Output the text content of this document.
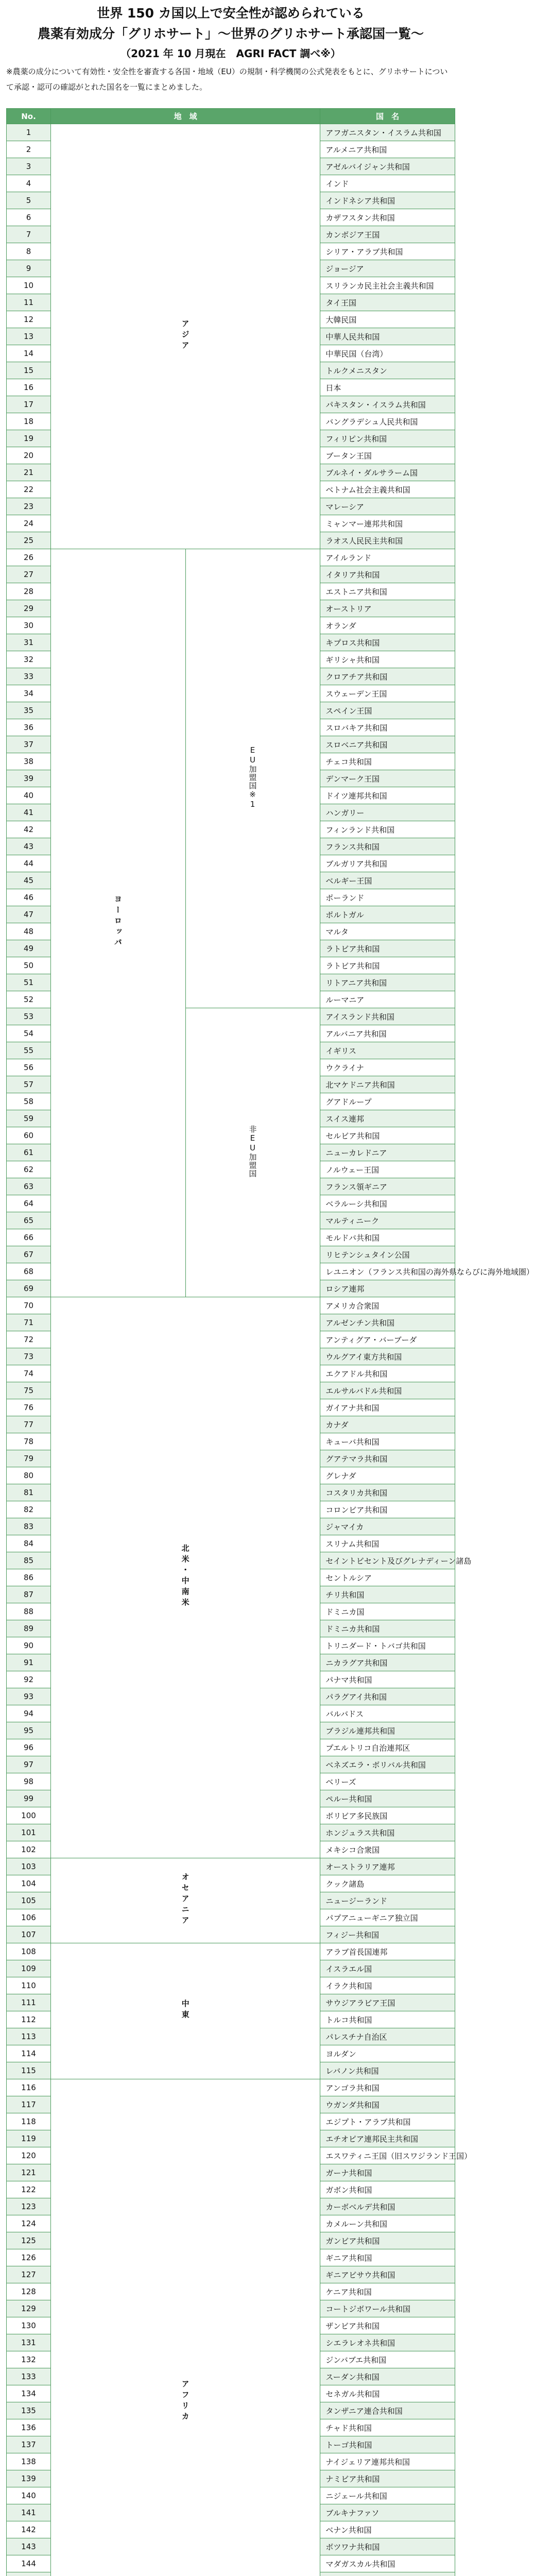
世界 150 カ国以上で安全性が認められている
農薬有効成分「グリホサート」～世界のグリホサート承認国一覧～
（2021 年 10 月現在　AGRI FACT 調べ※）
※農薬の成分について有効性・安全性を審査する各国・地域（EU）の規制・科学機関の公式発表をもとに、グリホサートについて承認・認可の確認がとれた国名を一覧にまとめました。
No.	地　域		国　名
1	アジア		アフガニスタン・イスラム共和国
2			アルメニア共和国
3			アゼルバイジャン共和国
4			インド
5			インドネシア共和国
6			カザフスタン共和国
7			カンボジア王国
8			シリア・アラブ共和国
9			ジョージア
10			スリランカ民主社会主義共和国
11			タイ王国
12			大韓民国
13			中華人民共和国
14			中華民国（台湾）
15			トルクメニスタン
16			日本
17			パキスタン・イスラム共和国
18			バングラデシュ人民共和国
19			フィリピン共和国
20			ブータン王国
21			ブルネイ・ダルサラーム国
22			ベトナム社会主義共和国
23			マレーシア
24			ミャンマー連邦共和国
25			ラオス人民民主共和国
26	ヨーロッパ	EU加盟国※1	アイルランド
27			イタリア共和国
28			エストニア共和国
29			オーストリア
30			オランダ
31			キプロス共和国
32			ギリシャ共和国
33			クロアチア共和国
34			スウェーデン王国
35			スペイン王国
36			スロバキア共和国
37			スロベニア共和国
38			チェコ共和国
39			デンマーク王国
40			ドイツ連邦共和国
41			ハンガリー
42			フィンランド共和国
43			フランス共和国
44			ブルガリア共和国
45			ベルギー王国
46			ポーランド
47			ポルトガル
48			マルタ
49			ラトビア共和国
50			ラトビア共和国
51			リトアニア共和国
52			ルーマニア
53		非EU加盟国	アイスランド共和国
54			アルバニア共和国
55			イギリス
56			ウクライナ
57			北マケドニア共和国
58			グアドループ
59			スイス連邦
60			セルビア共和国
61			ニューカレドニア
62			ノルウェー王国
63			フランス領ギニア
64			ベラルーシ共和国
65			マルティニーク
66			モルドバ共和国
67			リヒテンシュタイン公国
68			レユニオン（フランス共和国の海外県ならびに海外地域圏）
69			ロシア連邦
70	北米・中南米		アメリカ合衆国
71			アルゼンチン共和国
72			アンティグア・バーブーダ
73			ウルグアイ東方共和国
74			エクアドル共和国
75			エルサルバドル共和国
76			ガイアナ共和国
77			カナダ
78			キューバ共和国
79			グアテマラ共和国
80			グレナダ
81			コスタリカ共和国
82			コロンビア共和国
83			ジャマイカ
84			スリナム共和国
85			セイントビセント及びグレナディーン諸島
86			セントルシア
87			チリ共和国
88			ドミニカ国
89			ドミニカ共和国
90			トリニダード・トバゴ共和国
91			ニカラグア共和国
92			パナマ共和国
93			パラグアイ共和国
94			バルバドス
95			ブラジル連邦共和国
96			プエルトリコ自治連邦区
97			ベネズエラ・ボリバル共和国
98			ベリーズ
99			ペルー共和国
100			ボリビア多民族国
101			ホンジュラス共和国
102			メキシコ合衆国
103	オセアニア		オーストラリア連邦
104			クック諸島
105			ニュージーランド
106			パプアニューギニア独立国
107			フィジー共和国
108	中東		アラブ首長国連邦
109			イスラエル国
110			イラク共和国
111			サウジアラビア王国
112			トルコ共和国
113			パレスチナ自治区
114			ヨルダン
115			レバノン共和国
116	アフリカ		アンゴラ共和国
117			ウガンダ共和国
118			エジプト・アラブ共和国
119			エチオピア連邦民主共和国
120			エスワティニ王国（旧スワジランド王国）
121			ガーナ共和国
122			ガボン共和国
123			カーボベルデ共和国
124			カメルーン共和国
125			ガンビア共和国
126			ギニア共和国
127			ギニアビサウ共和国
128			ケニア共和国
129			コートジボワール共和国
130			ザンビア共和国
131			シエラレオネ共和国
132			ジンバブエ共和国
133			スーダン共和国
134			セネガル共和国
135			タンザニア連合共和国
136			チャド共和国
137			トーゴ共和国
138			ナイジェリア連邦共和国
139			ナミビア共和国
140			ニジェール共和国
141			ブルキナファソ
142			ベナン共和国
143			ボツワナ共和国
144			マダガスカル共和国
